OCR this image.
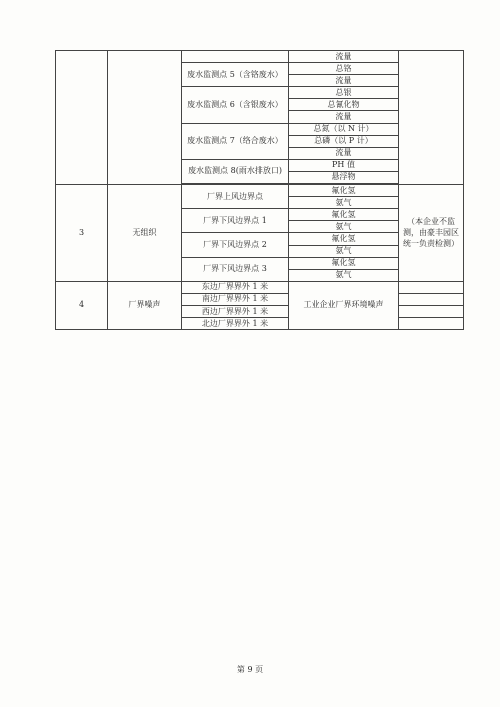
			流量	
		废水监测点 5（含铬废水）	总铬	
			流量	
		废水监测点 6（含银废水）	总银	
			总氰化物	
			流量	
		废水监测点 7（络合废水）	总氮（以 N 计）	
			总磷（以 P 计）	
			流量	
		废水监测点 8(雨水排放口)	PH 值	
			悬浮物	

3	无组织	厂界上风边界点	氟化氢	（本企业不监测，由豪丰园区统一负责检测）
			氨气	
		厂界下风边界点 1	氟化氢	
			氨气	
		厂界下风边界点 2	氟化氢	
			氨气	
		厂界下风边界点 3	氟化氢	
			氨气	
4	厂界噪声	东边厂界界外 1 米	工业企业厂界环境噪声	
		南边厂界界外 1 米		
		西边厂界界外 1 米		
		北边厂界界外 1 米		
第 9 页
